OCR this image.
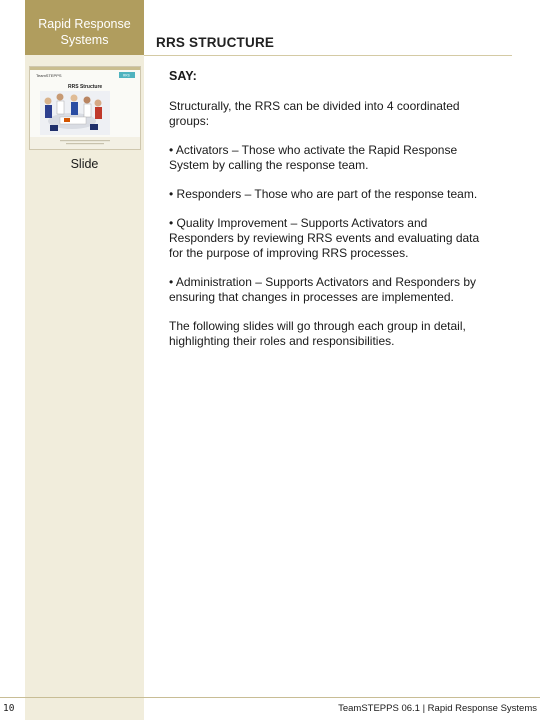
Rapid Response
Systems	RRS STRUCTURE
TeamSTEPPS	RRS
RRS Structure
Slide
SAY:

Structurally, the RRS can be divided into 4 coordinated groups:

• Activators – Those who activate the Rapid Response System by calling the response team.

• Responders – Those who are part of the response team.

• Quality Improvement – Supports Activators and Responders by reviewing RRS events and evaluating data for the purpose of improving RRS processes.

• Administration – Supports Activators and Responders by ensuring that changes in processes are implemented.

The following slides will go through each group in detail, highlighting their roles and responsibilities.

10	TeamSTEPPS 06.1 | Rapid Response Systems
